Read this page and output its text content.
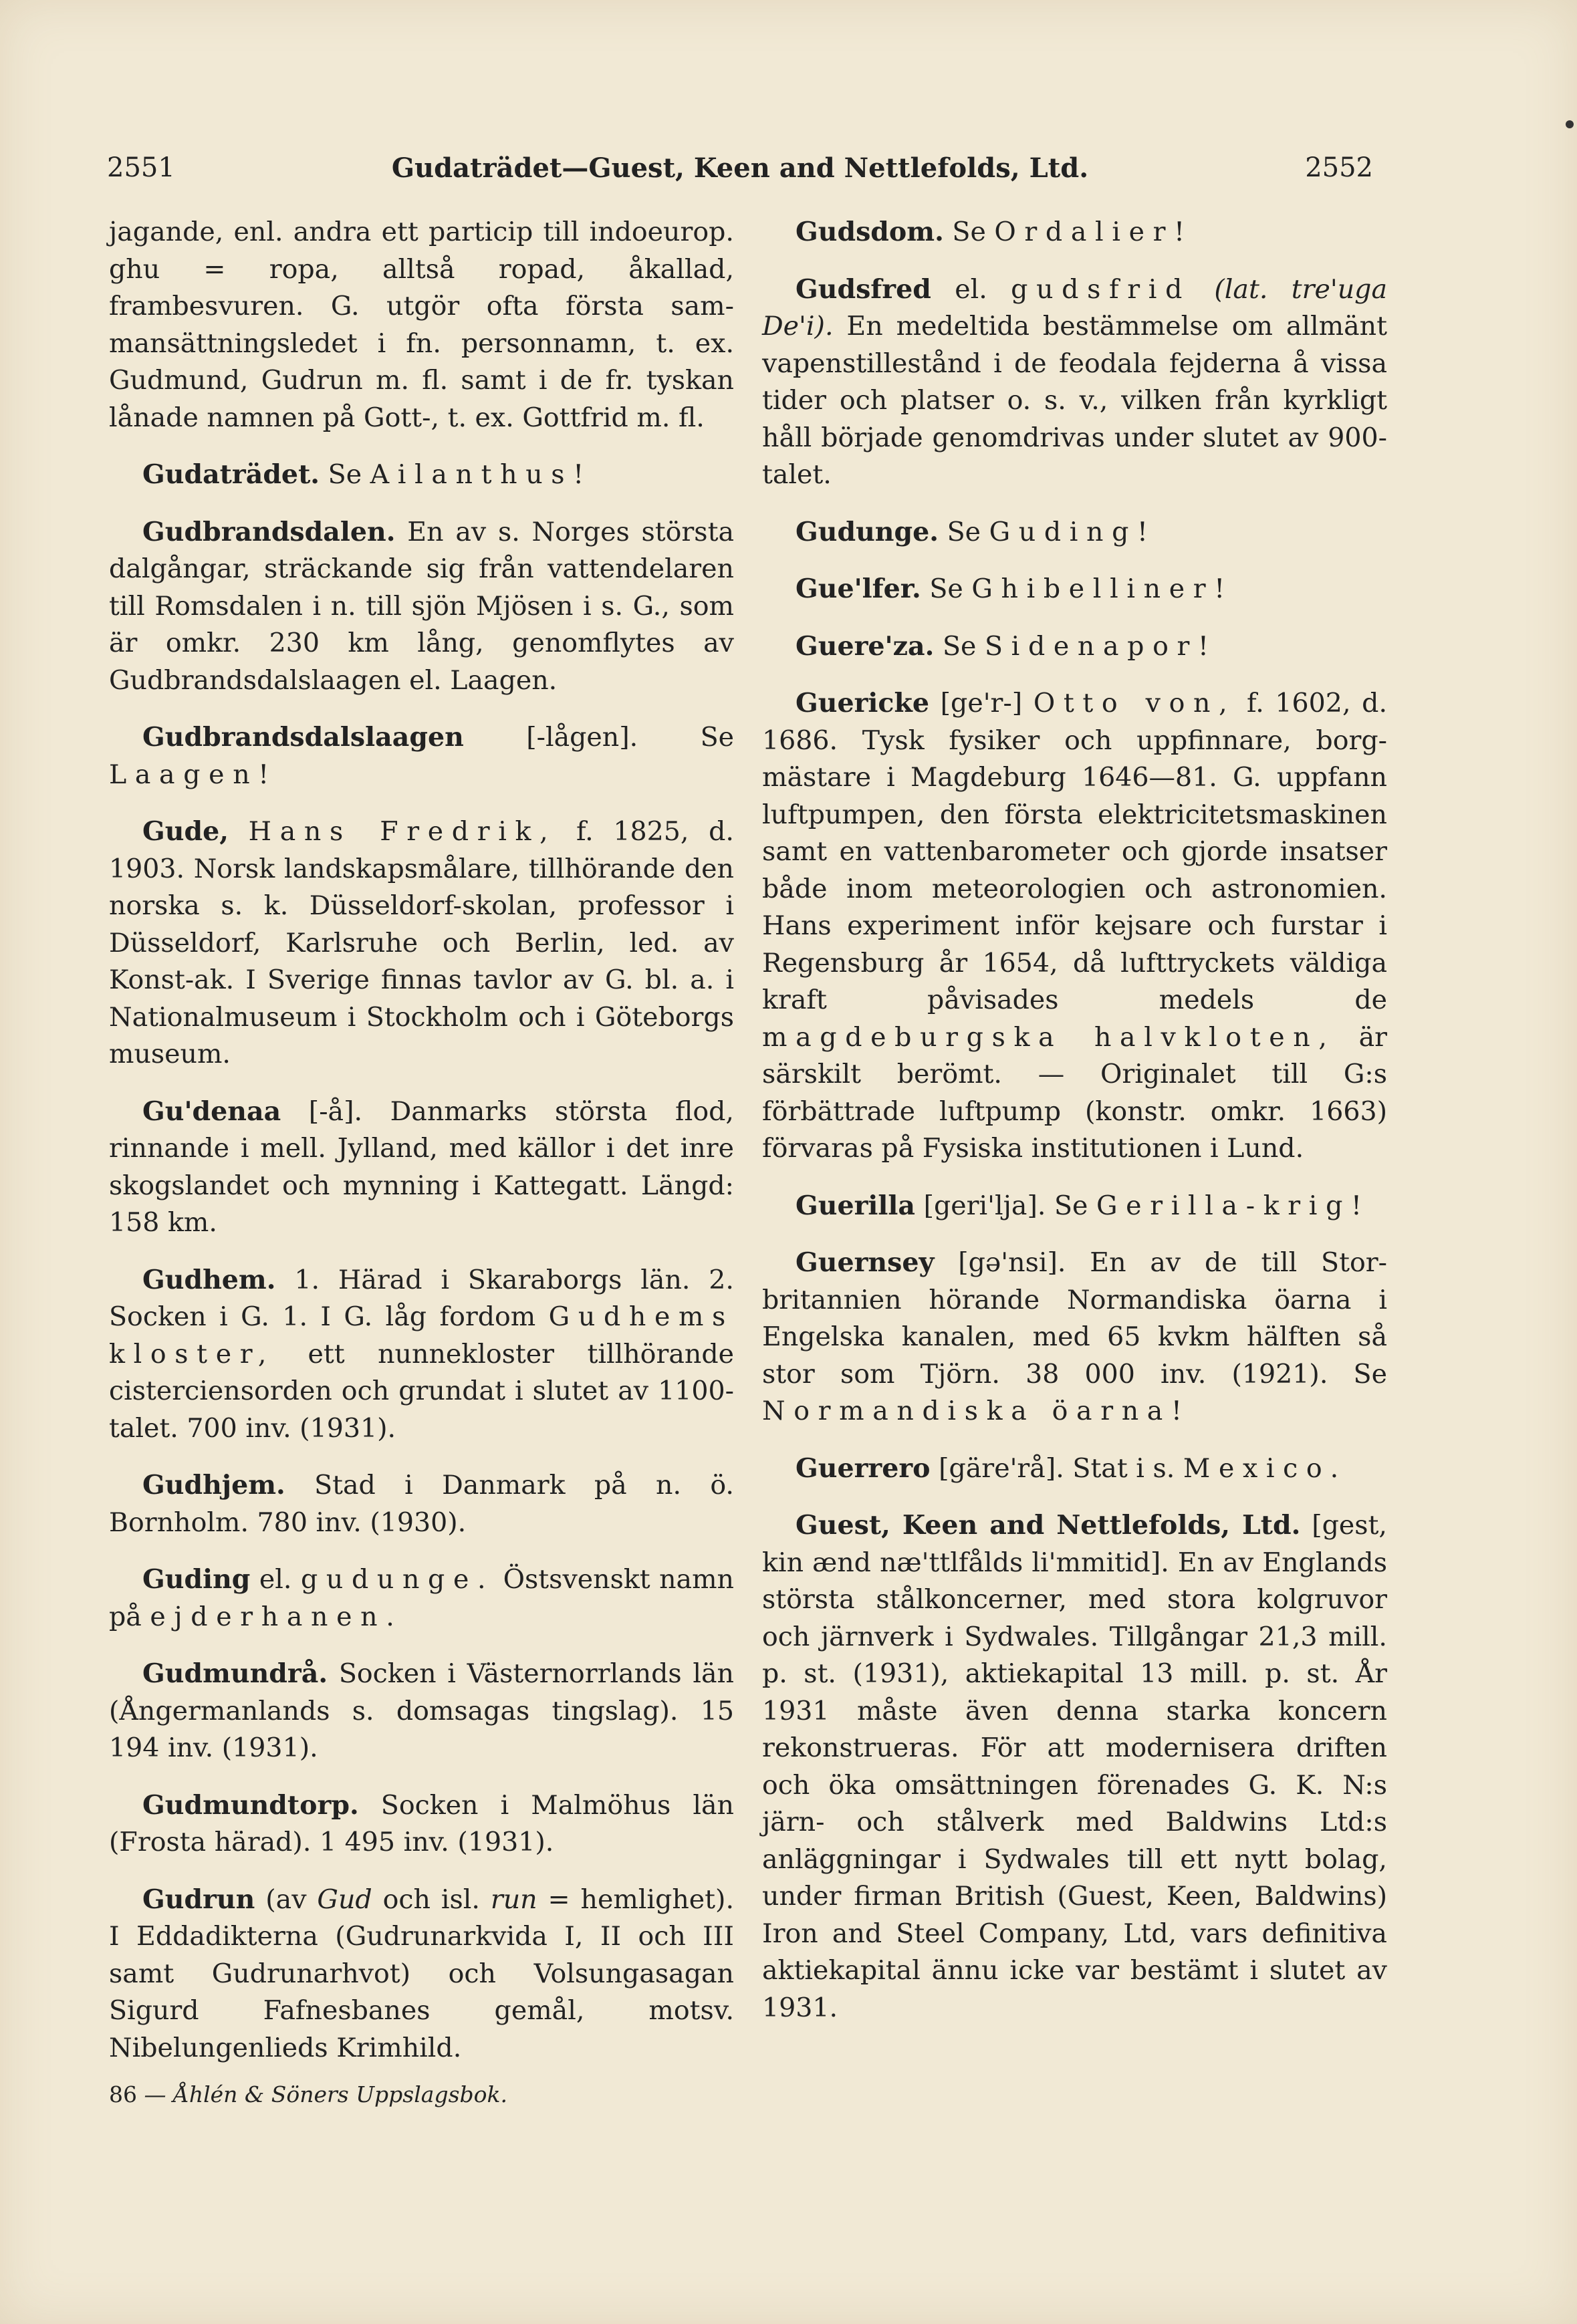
2551	Gudaträdet—Guest, Keen and Nettlefolds, Ltd.	2552

jagande, enl. andra ett particip till indoeurop. ghu = ropa, alltså ropad, åkallad, frambesvuren. G. utgör ofta första sammansättningsledet i fn. personnamn, t. ex. Gudmund, Gudrun m. fl. samt i de fr. tyskan lånade namnen på Gott-, t. ex. Gottfrid m. fl.

Gudaträdet. Se Ailanthus!

Gudbrandsdalen. En av s. Norges största dalgångar, sträckande sig från vattendelaren till Romsdalen i n. till sjön Mjösen i s. G., som är omkr. 230 km lång, genomflytes av Gudbrandsdalslaagen el. Laagen.

Gudbrandsdalslaagen [-lågen]. Se Laagen!

Gude, Hans Fredrik, f. 1825, d. 1903. Norsk landskapsmålare, tillhörande den norska s. k. Düsseldorf-skolan, professor i Düsseldorf, Karlsruhe och Berlin, led. av Konst-ak. I Sverige finnas tavlor av G. bl. a. i Nationalmuseum i Stockholm och i Göteborgs museum.

Gu'denaa [-å]. Danmarks största flod, rinnande i mell. Jylland, med källor i det inre skogslandet och mynning i Kattegatt. Längd: 158 km.

Gudhem. 1. Härad i Skaraborgs län. 2. Socken i G. 1. I G. låg fordom Gudhems kloster, ett nunnekloster tillhörande cisterciensorden och grundat i slutet av 1100-talet. 700 inv. (1931).

Gudhjem. Stad i Danmark på n. ö. Bornholm. 780 inv. (1930).

Guding el. gudunge. Östsvenskt namn på ejderhanen.

Gudmundrå. Socken i Västernorrlands län (Ångermanlands s. domsagas tingslag). 15 194 inv. (1931).

Gudmundtorp. Socken i Malmöhus län (Frosta härad). 1 495 inv. (1931).

Gudrun (av Gud och isl. run = hemlighet). I Eddadikterna (Gudrunarkvida I, II och III samt Gudrunarhvot) och Volsungasagan Sigurd Fafnesbanes gemål, motsv. Nibelungenlieds Krimhild.

86 — Åhlén & Söners Uppslagsbok.

Gudsdom. Se Ordalier!

Gudsfred el. gudsfrid (lat. tre'uga De'i). En medeltida bestämmelse om allmänt vapenstillestånd i de feodala fejderna å vissa tider och platser o. s. v., vilken från kyrkligt håll började genomdrivas under slutet av 900-talet.

Gudunge. Se Guding!

Gue'lfer. Se Ghibelliner!

Guere'za. Se Sidenapor!

Guericke [ge'r-] Otto von, f. 1602, d. 1686. Tysk fysiker och uppfinnare, borgmästare i Magdeburg 1646—81. G. uppfann luftpumpen, den första elektricitetsmaskinen samt en vattenbarometer och gjorde insatser både inom meteorologien och astronomien. Hans experiment inför kejsare och furstar i Regensburg år 1654, då lufttryckets väldiga kraft påvisades medels de magdeburgska halvkloten, är särskilt berömt. — Originalet till G:s förbättrade luftpump (konstr. omkr. 1663) förvaras på Fysiska institutionen i Lund.

Guerilla [geri'lja]. Se Gerilla-krig!

Guernsey [gə'nsi]. En av de till Storbritannien hörande Normandiska öarna i Engelska kanalen, med 65 kvkm hälften så stor som Tjörn. 38 000 inv. (1921). Se Normandiska öarna!

Guerrero [gäre'rå]. Stat i s. Mexico.

Guest, Keen and Nettlefolds, Ltd. [gest, kin ænd næ'ttlfålds li'mmitid]. En av Englands största stålkoncerner, med stora kolgruvor och järnverk i Sydwales. Tillgångar 21,3 mill. p. st. (1931), aktiekapital 13 mill. p. st. År 1931 måste även denna starka koncern rekonstrueras. För att modernisera driften och öka omsättningen förenades G. K. N:s järn- och stålverk med Baldwins Ltd:s anläggningar i Sydwales till ett nytt bolag, under firman British (Guest, Keen, Baldwins) Iron and Steel Company, Ltd, vars definitiva aktiekapital ännu icke var bestämt i slutet av 1931.
